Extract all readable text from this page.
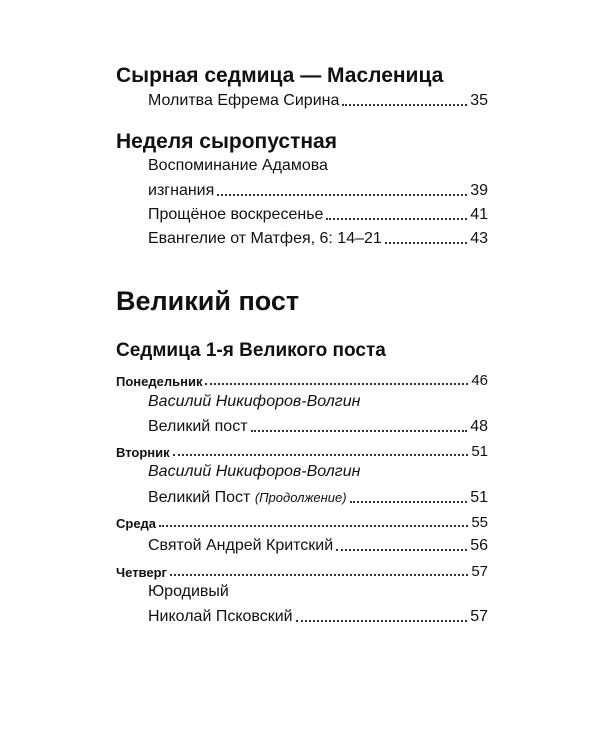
Сырная седмица — Масленица
Молитва Ефрема Сирина	35
Неделя сыропустная
Воспоминание Адамова
изгнания	39
Прощёное воскресенье	41
Евангелие от Матфея, 6: 14–21	43
Великий пост
Седмица 1-я Великого поста
Понедельник	46
Василий Никифоров-Волгин
Великий пост	48
Вторник	51
Василий Никифоров-Волгин
Великий Пост (Продолжение)	51
Среда	55
Святой Андрей Критский	56
Четверг	57
Юродивый
Николай Псковский	57
